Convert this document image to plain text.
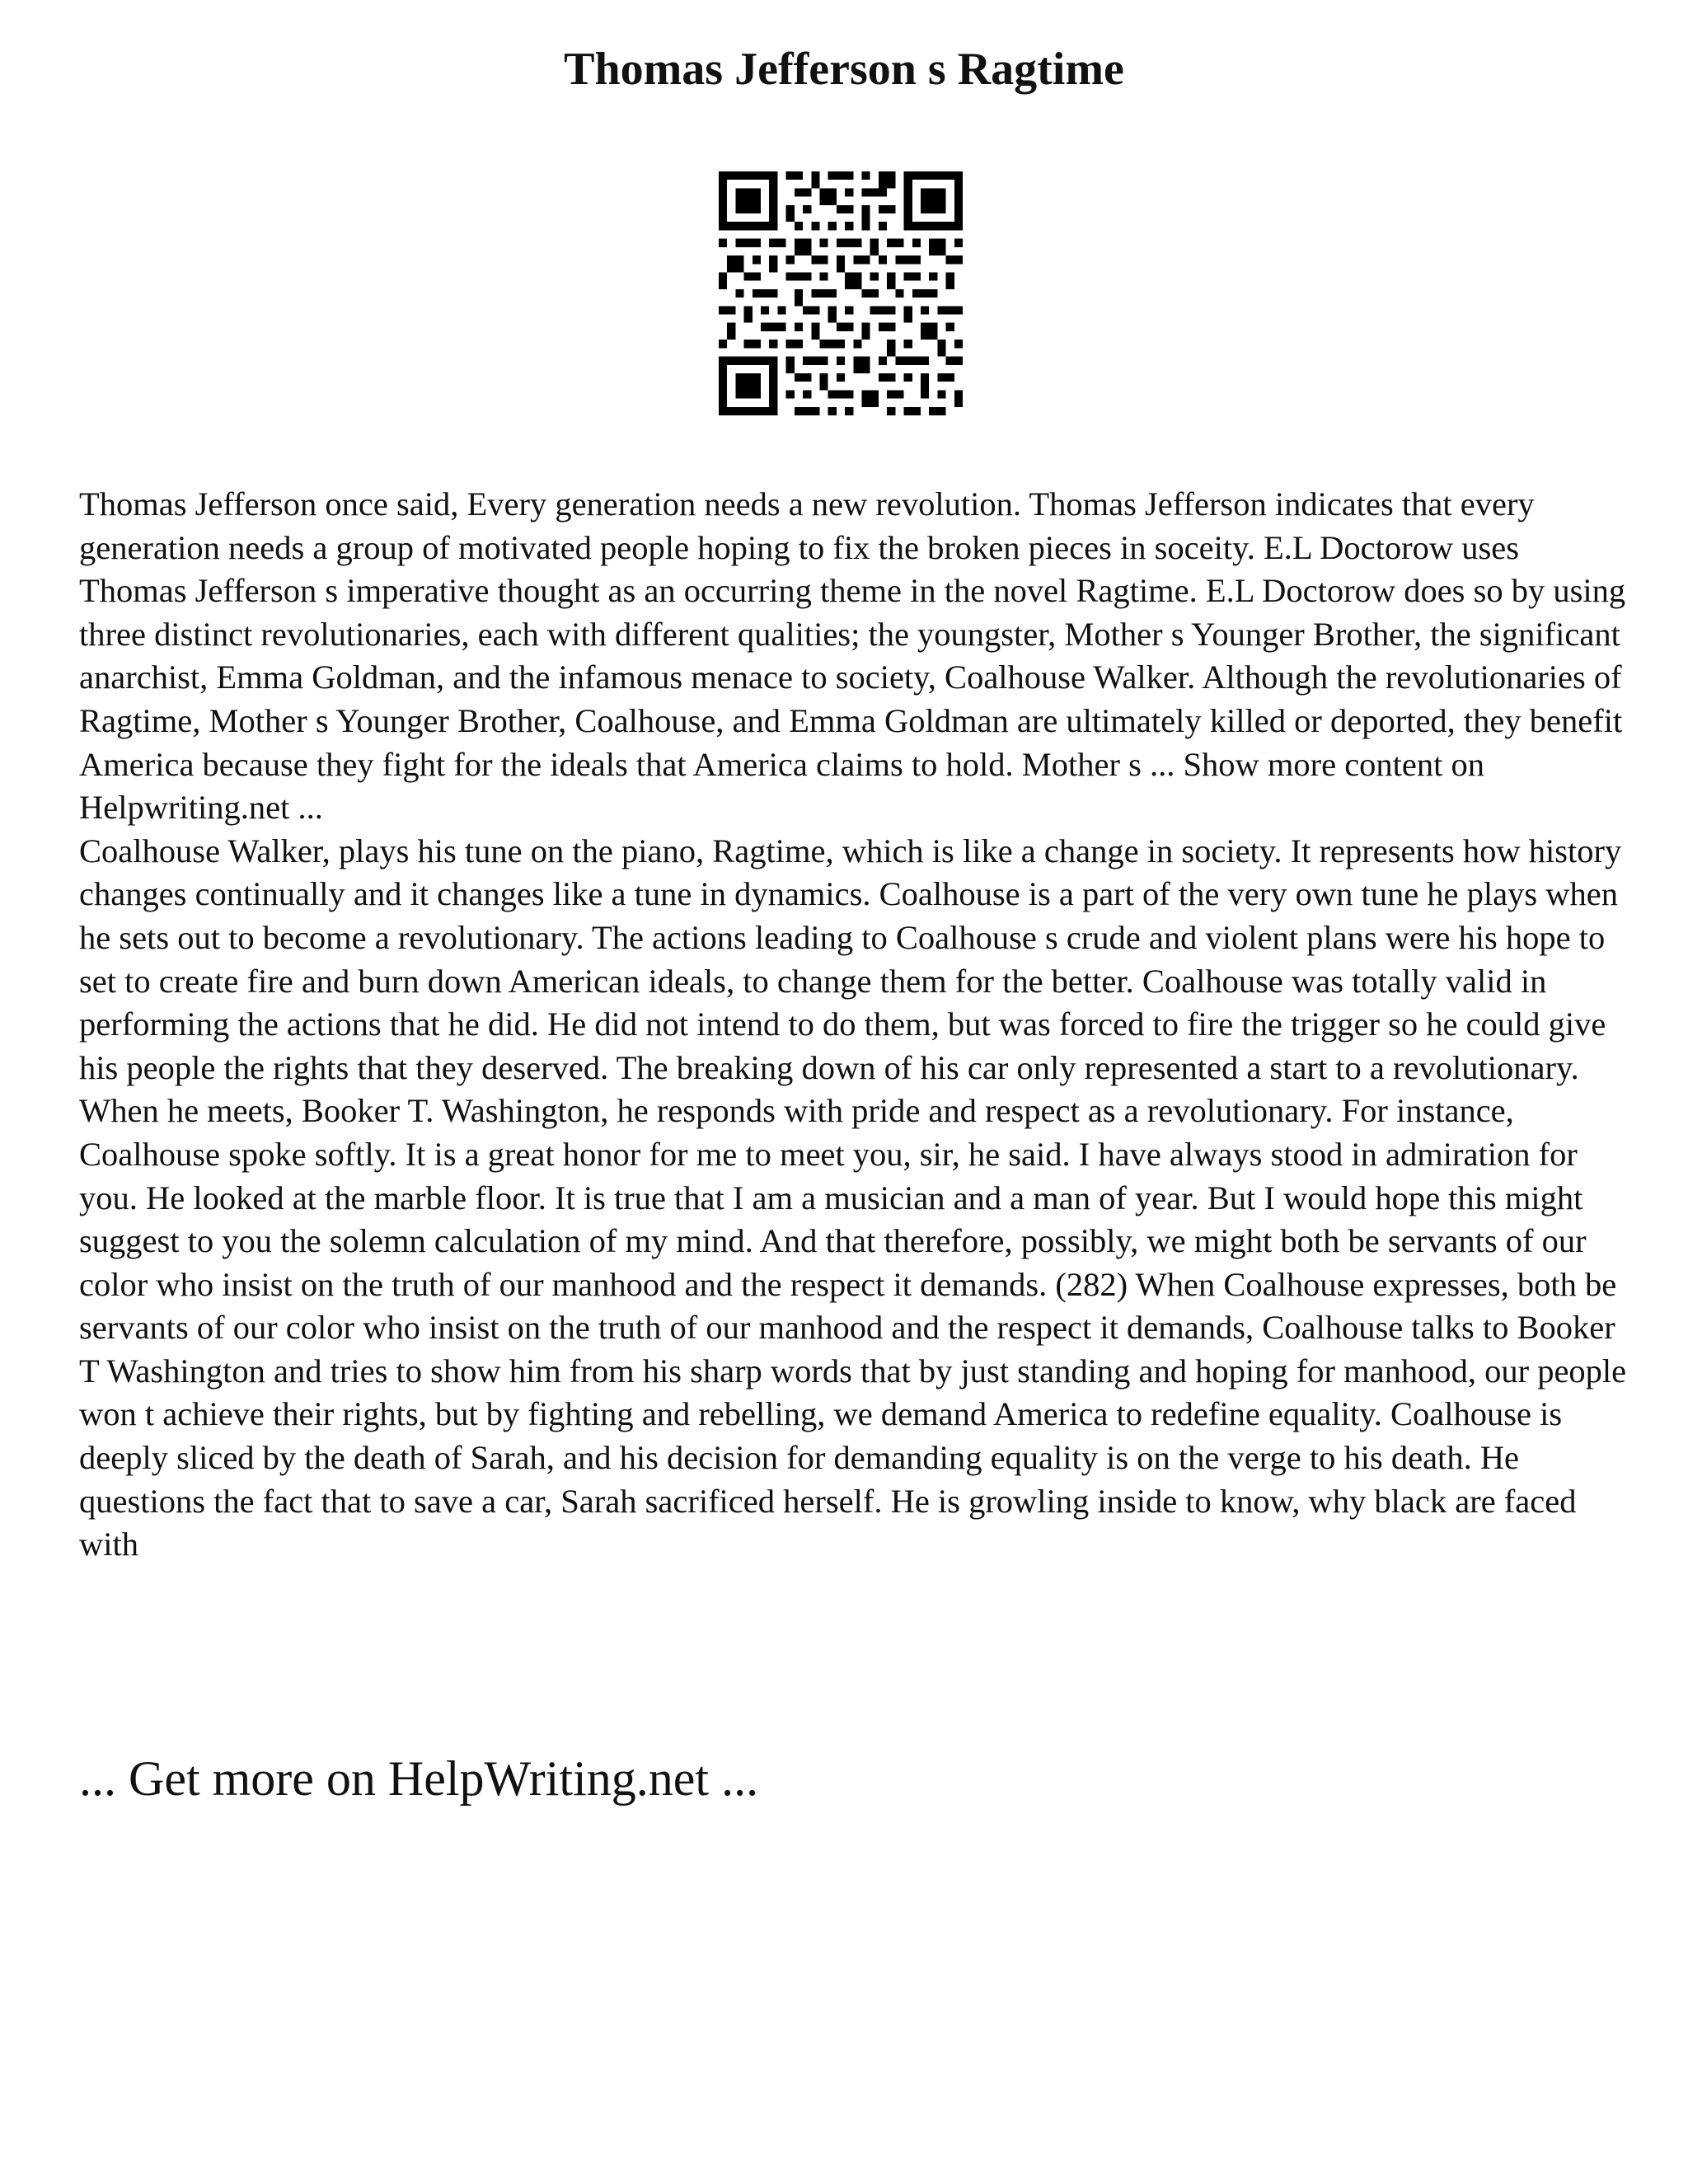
Thomas Jefferson s Ragtime

Thomas Jefferson once said, Every generation needs a new revolution. Thomas Jefferson indicates that every generation needs a group of motivated people hoping to fix the broken pieces in soceity. E.L Doctorow uses Thomas Jefferson s imperative thought as an occurring theme in the novel Ragtime. E.L Doctorow does so by using three distinct revolutionaries, each with different qualities; the youngster, Mother s Younger Brother, the significant anarchist, Emma Goldman, and the infamous menace to society, Coalhouse Walker. Although the revolutionaries of Ragtime, Mother s Younger Brother, Coalhouse, and Emma Goldman are ultimately killed or deported, they benefit America because they fight for the ideals that America claims to hold. Mother s ... Show more content on Helpwriting.net ...

Coalhouse Walker, plays his tune on the piano, Ragtime, which is like a change in society. It represents how history changes continually and it changes like a tune in dynamics. Coalhouse is a part of the very own tune he plays when he sets out to become a revolutionary. The actions leading to Coalhouse s crude and violent plans were his hope to set to create fire and burn down American ideals, to change them for the better. Coalhouse was totally valid in performing the actions that he did. He did not intend to do them, but was forced to fire the trigger so he could give his people the rights that they deserved. The breaking down of his car only represented a start to a revolutionary. When he meets, Booker T. Washington, he responds with pride and respect as a revolutionary. For instance, Coalhouse spoke softly. It is a great honor for me to meet you, sir, he said. I have always stood in admiration for you. He looked at the marble floor. It is true that I am a musician and a man of year. But I would hope this might suggest to you the solemn calculation of my mind. And that therefore, possibly, we might both be servants of our color who insist on the truth of our manhood and the respect it demands. (282) When Coalhouse expresses, both be servants of our color who insist on the truth of our manhood and the respect it demands, Coalhouse talks to Booker T Washington and tries to show him from his sharp words that by just standing and hoping for manhood, our people won t achieve their rights, but by fighting and rebelling, we demand America to redefine equality. Coalhouse is deeply sliced by the death of Sarah, and his decision for demanding equality is on the verge to his death. He questions the fact that to save a car, Sarah sacrificed herself. He is growling inside to know, why black are faced with

... Get more on HelpWriting.net ...
